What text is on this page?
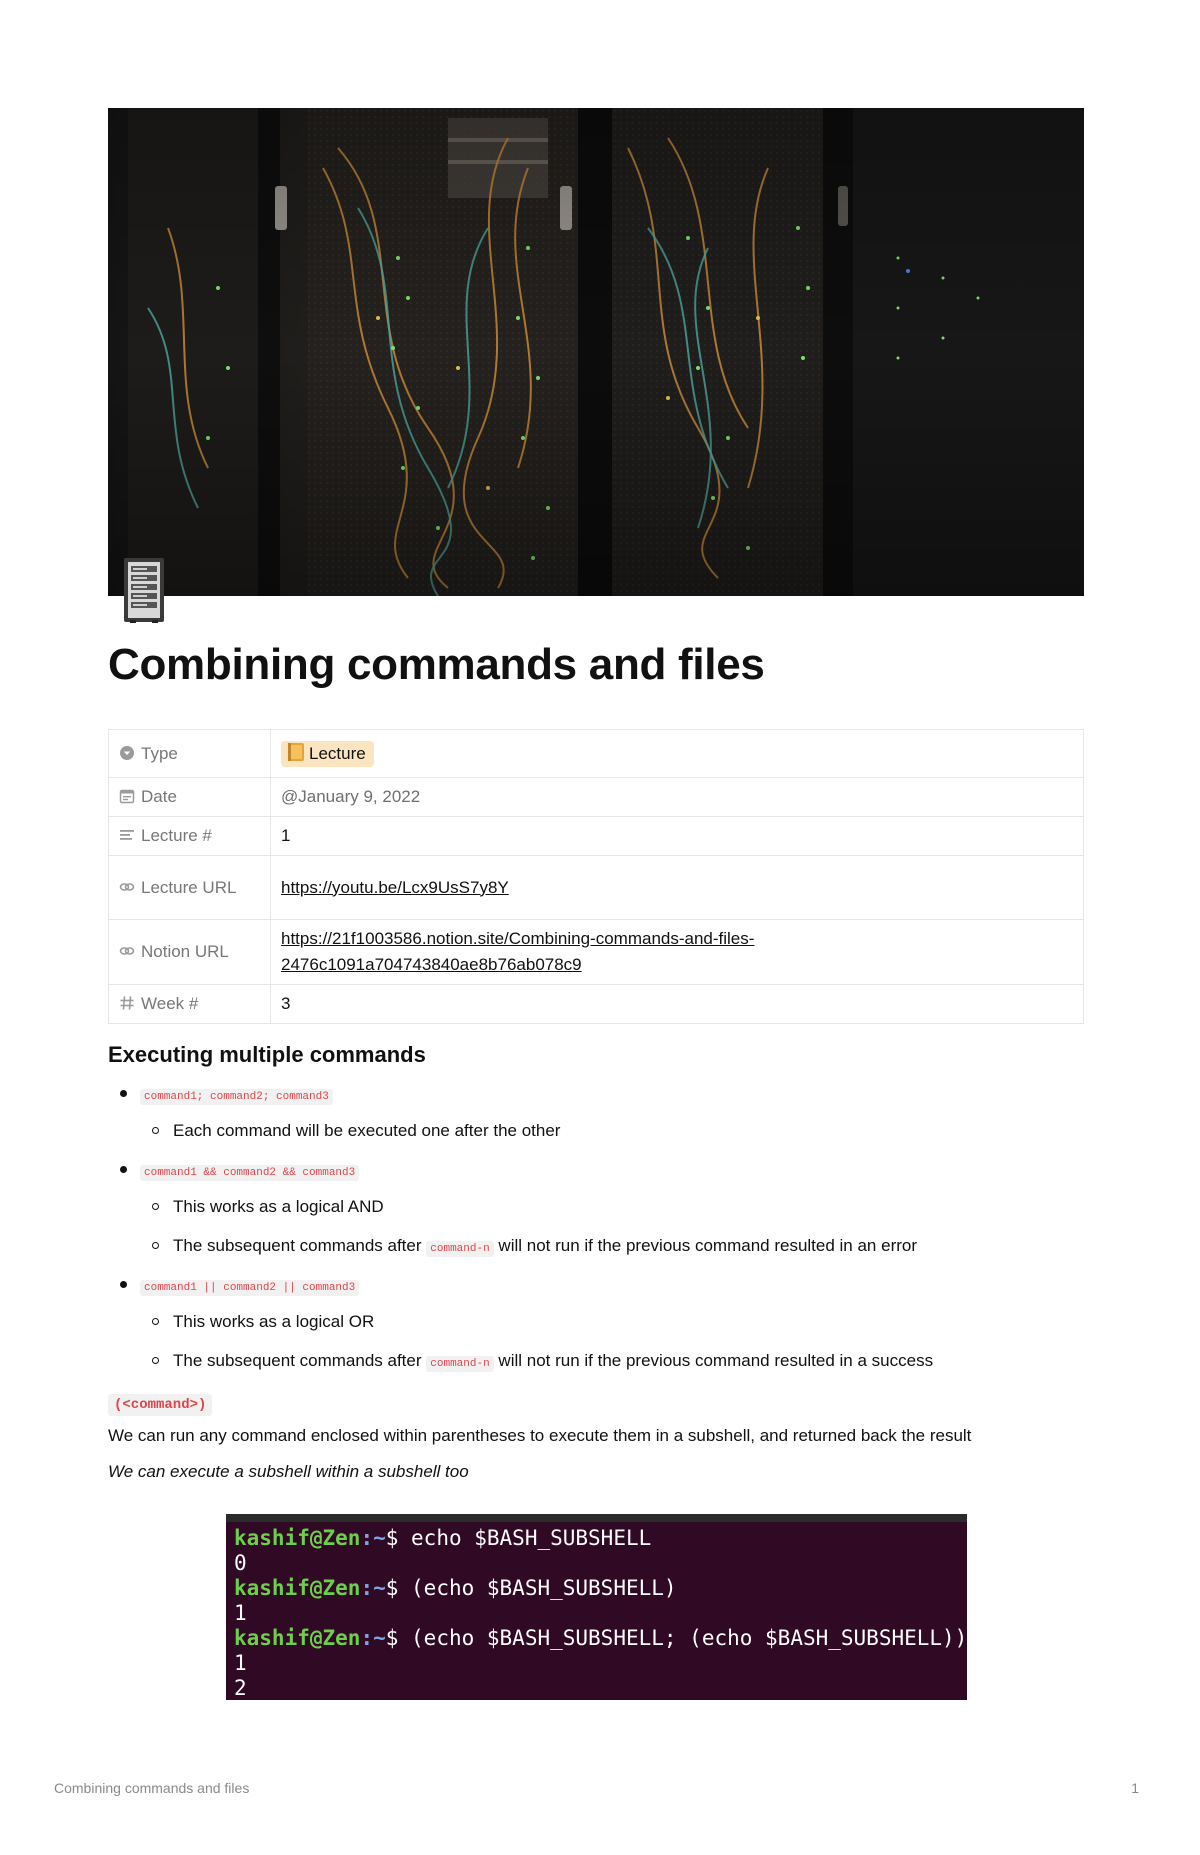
Combining commands and files
Type	Lecture
Date	@January 9, 2022
Lecture #	1
Lecture URL	https://youtu.be/Lcx9UsS7y8Y
Notion URL	https://21f1003586.notion.site/Combining-commands-and-files-
2476c1091a704743840ae8b76ab078c9
Week #	3
Executing multiple commands
command1; command2; command3
Each command will be executed one after the other
command1 && command2 && command3
This works as a logical AND
The subsequent commands after command-n will not run if the previous command resulted in an error
command1 || command2 || command3
This works as a logical OR
The subsequent commands after command-n will not run if the previous command resulted in a success
(<command>)
We can run any command enclosed within parentheses to execute them in a subshell, and returned back the result
We can execute a subshell within a subshell too
kashif@Zen:~$ echo $BASH_SUBSHELL
0
kashif@Zen:~$ (echo $BASH_SUBSHELL)
1
kashif@Zen:~$ (echo $BASH_SUBSHELL; (echo $BASH_SUBSHELL))
1
2
Combining commands and files	1
